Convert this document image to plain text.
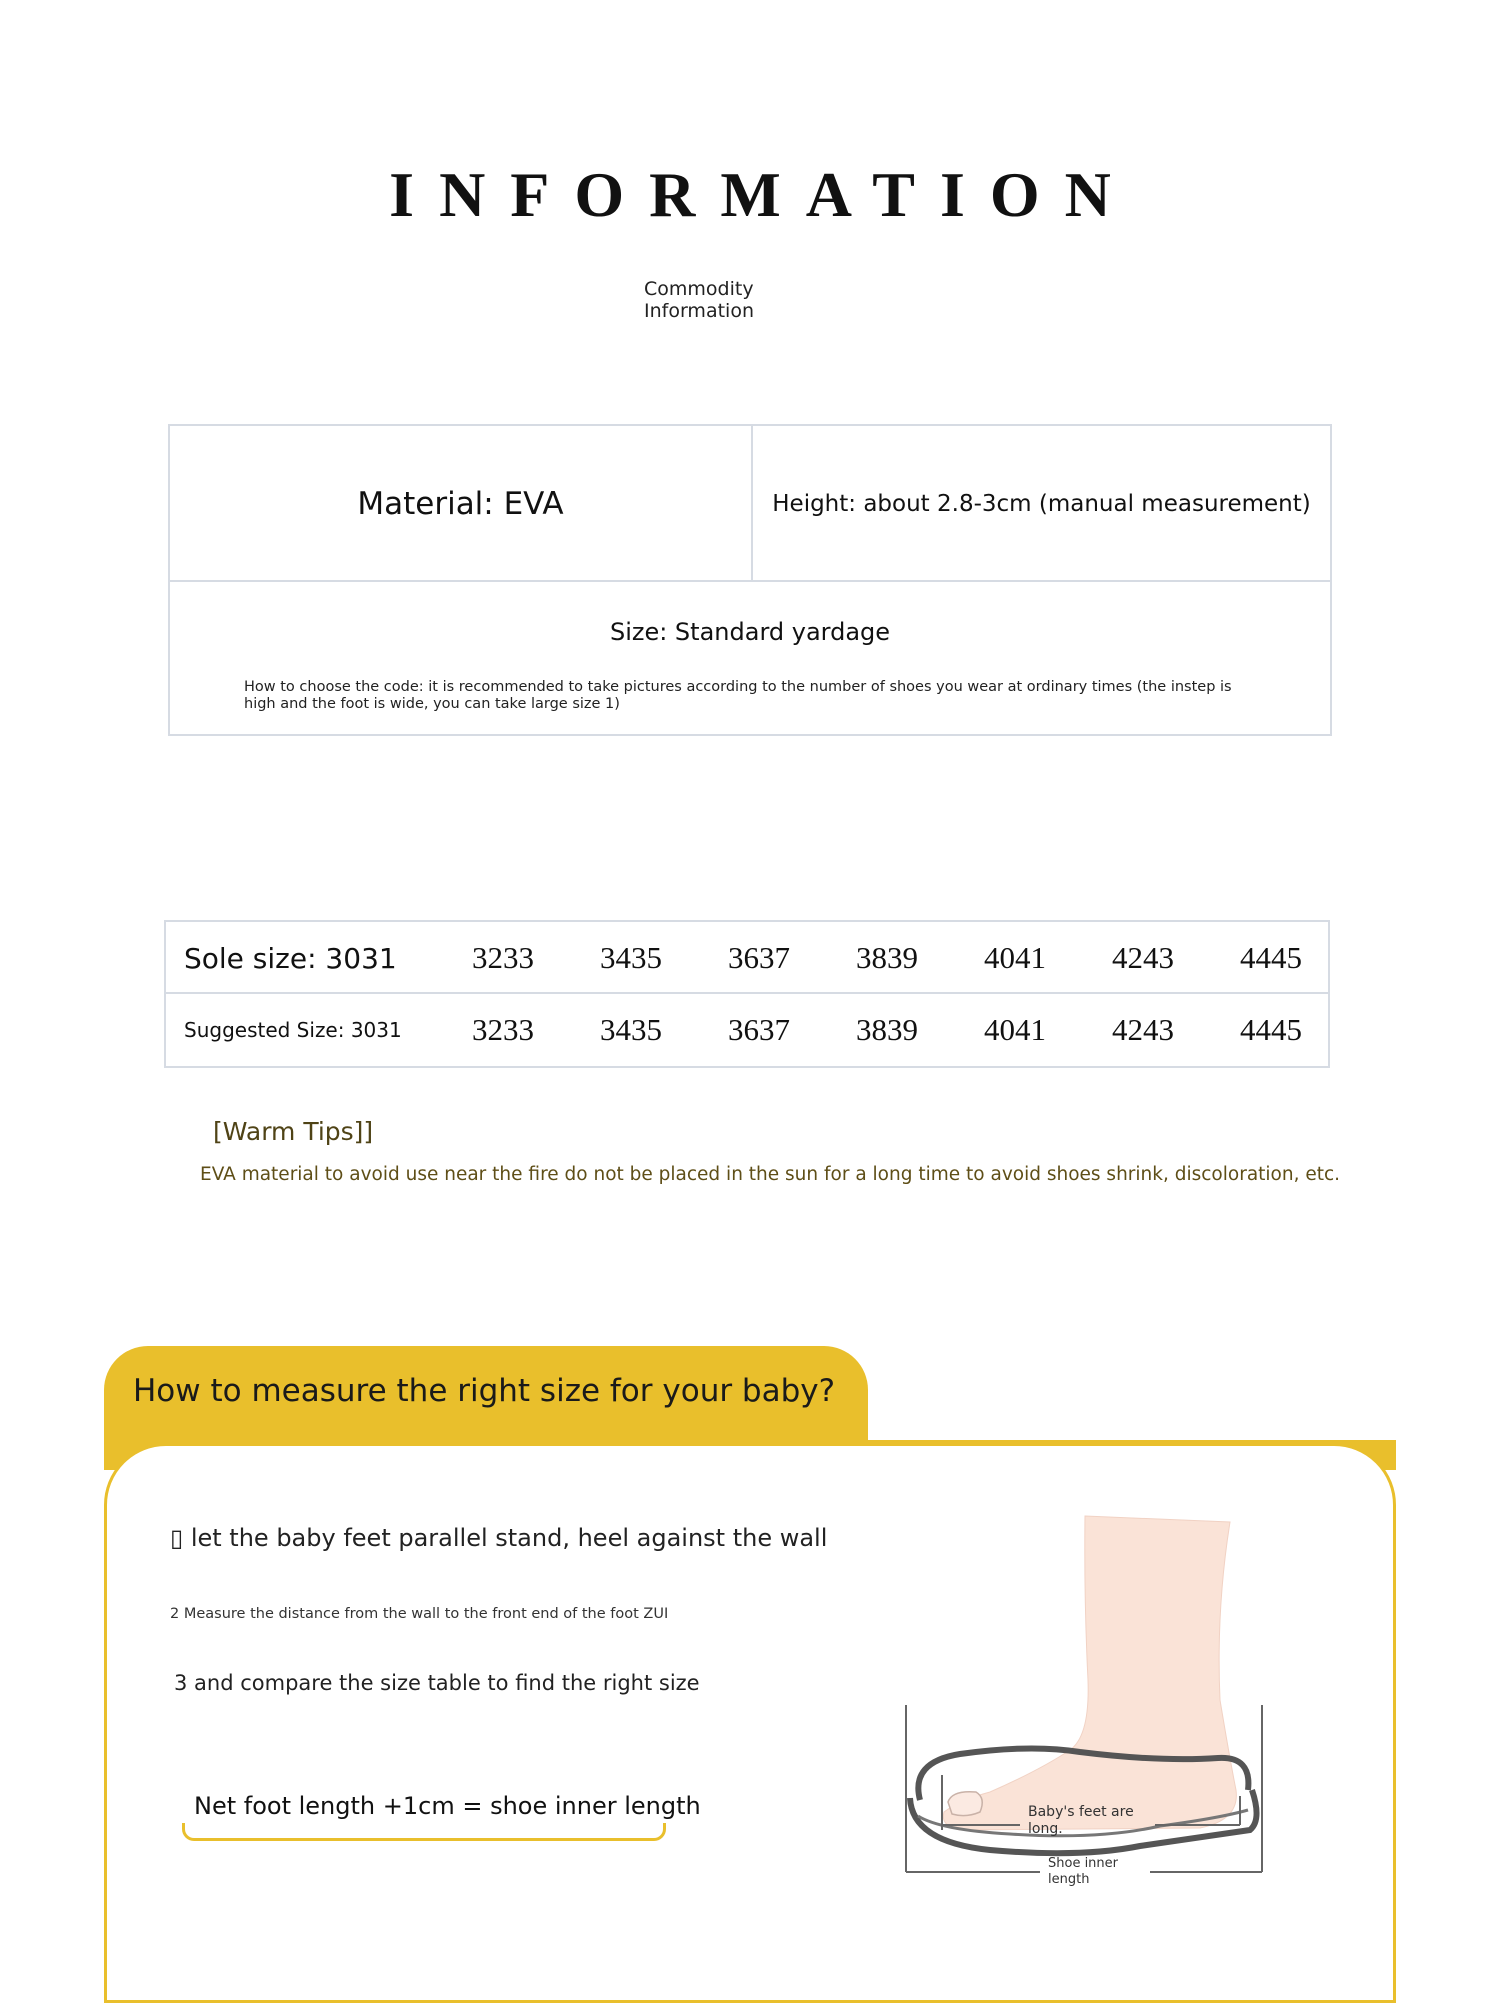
INFORMATION
Commodity
Information
Material: EVA	Height: about 2.8-3cm (manual measurement)
Size: Standard yardage
How to choose the code: it is recommended to take pictures according to the number of shoes you wear at ordinary times (the instep is high and the foot is wide, you can take large size 1)
Sole size: 3031	3233	3435	3637	3839	4041	4243	4445
Suggested Size: 3031	3233	3435	3637	3839	4041	4243	4445
[Warm Tips]]
EVA material to avoid use near the fire do not be placed in the sun for a long time to avoid shoes shrink, discoloration, etc.
How to measure the right size for your baby?
▯ let the baby feet parallel stand, heel against the wall
2 Measure the distance from the wall to the front end of the foot ZUI
3 and compare the size table to find the right size
Net foot length +1cm = shoe inner length	Baby's feet are long.
Shoe inner length
